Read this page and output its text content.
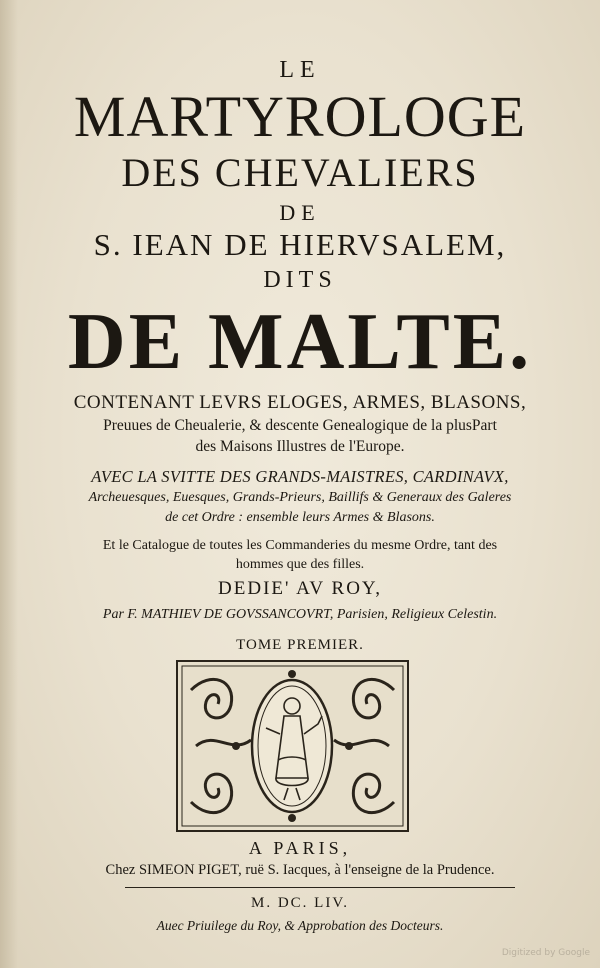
LE
MARTYROLOGE
DES CHEVALIERS
DE
S. IEAN DE HIERVSALEM,
DITS
DE MALTE.
CONTENANT LEVRS ELOGES, ARMES, BLASONS,
Preuues de Cheualerie, & descente Genealogique de la plusPart
des Maisons Illustres de l'Europe.
AVEC LA SVITTE DES GRANDS-MAISTRES, CARDINAVX,
Archeuesques, Euesques, Grands-Prieurs, Baillifs & Generaux des Galeres
de cet Ordre : ensemble leurs Armes & Blasons.
Et le Catalogue de toutes les Commanderies du mesme Ordre, tant des
hommes que des filles.
DEDIE' AV ROY,
Par F. MATHIEV DE GOVSSANCOVRT, Parisien, Religieux Celestin.
TOME PREMIER.
A PARIS,
Chez SIMEON PIGET, ruë S. Iacques, à l'enseigne de la Prudence.
M. DC. LIV.
Auec Priuilege du Roy, & Approbation des Docteurs.
Digitized by Google
